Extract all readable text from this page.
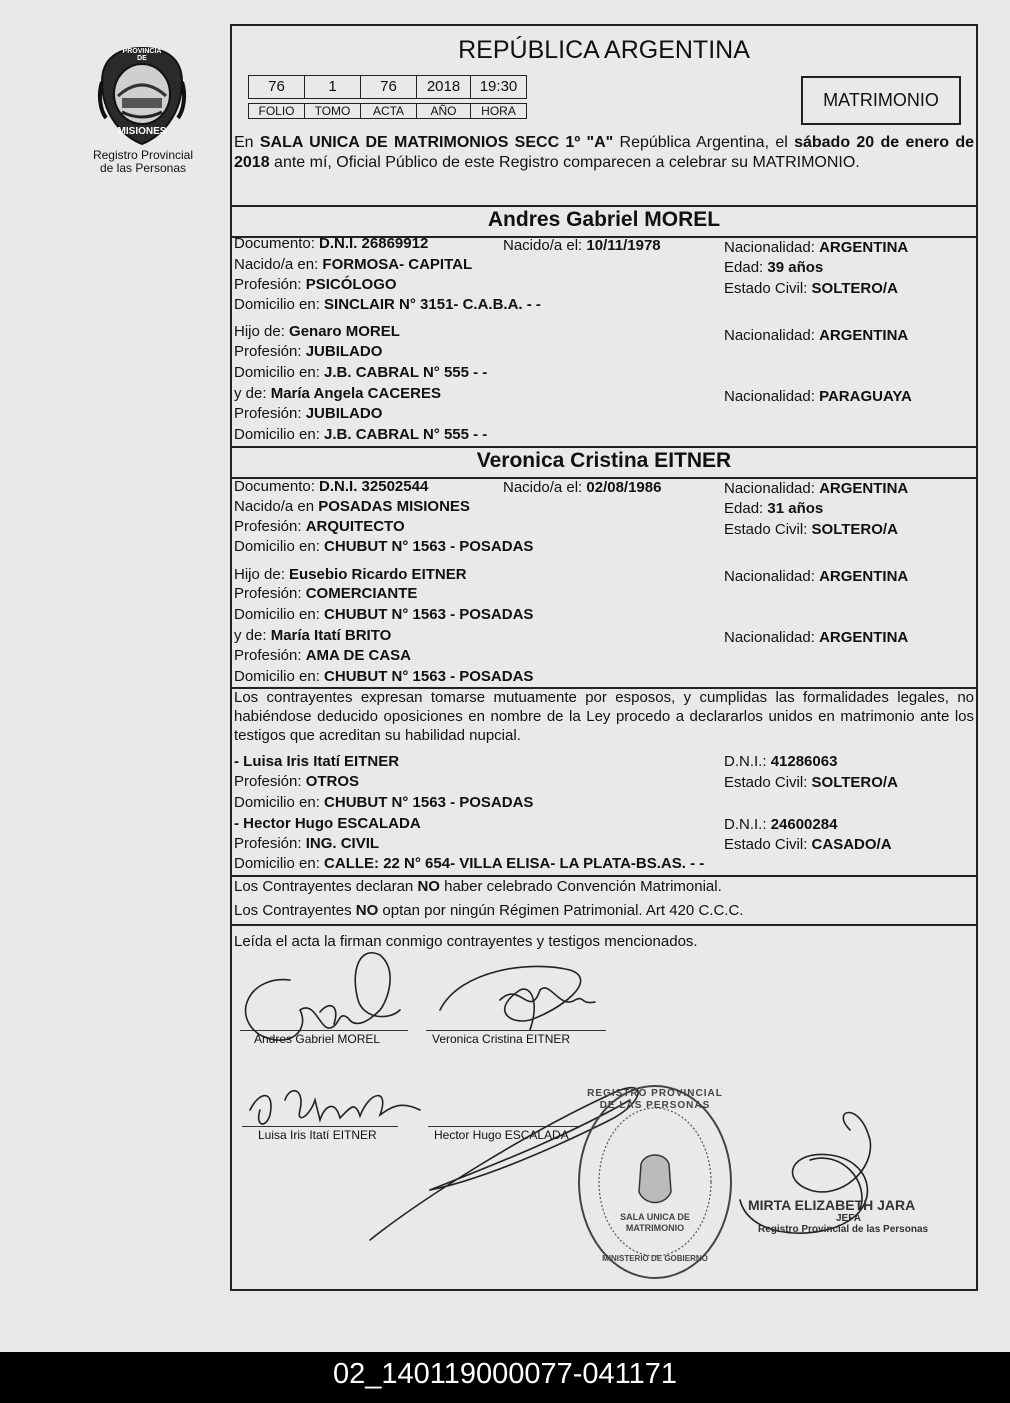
PROVINCIA DE
MISIONES
Registro Provincial
de las Personas
REPÚBLICA ARGENTINA
76	1	76	2018	19:30
FOLIO	TOMO	ACTA	AÑO	HORA
MATRIMONIO
En SALA UNICA DE MATRIMONIOS SECC 1º "A" República Argentina, el sábado 20 de enero de 2018 ante mí, Oficial Público de este Registro comparecen a celebrar su MATRIMONIO.
Andres Gabriel MOREL
Documento: D.N.I. 26869912	Nacido/a el: 10/11/1978	Nacionalidad: ARGENTINA
Nacido/a en: FORMOSA- CAPITAL	Edad: 39 años
Profesión: PSICÓLOGO	Estado Civil: SOLTERO/A
Domicilio en: SINCLAIR N° 3151- C.A.B.A. - -
Hijo de: Genaro MOREL	Nacionalidad: ARGENTINA
Profesión: JUBILADO
Domicilio en: J.B. CABRAL N° 555 - -
y de: María Angela CACERES	Nacionalidad: PARAGUAYA
Profesión: JUBILADO
Domicilio en: J.B. CABRAL N° 555 - -
Veronica Cristina EITNER
Documento: D.N.I. 32502544	Nacido/a el: 02/08/1986	Nacionalidad: ARGENTINA
Nacido/a en POSADAS MISIONES	Edad: 31 años
Profesión: ARQUITECTO	Estado Civil: SOLTERO/A
Domicilio en: CHUBUT N° 1563 - POSADAS
Hijo de: Eusebio Ricardo EITNER	Nacionalidad: ARGENTINA
Profesión: COMERCIANTE
Domicilio en: CHUBUT N° 1563 - POSADAS
y de: María Itatí BRITO	Nacionalidad: ARGENTINA
Profesión: AMA DE CASA
Domicilio en: CHUBUT N° 1563 - POSADAS
Los contrayentes expresan tomarse mutuamente por esposos, y cumplidas las formalidades legales, no habiéndose deducido oposiciones en nombre de la Ley procedo a declararlos unidos en matrimonio ante los testigos que acreditan su habilidad nupcial.
- Luisa Iris Itatí EITNER	D.N.I.: 41286063
Profesión: OTROS	Estado Civil: SOLTERO/A
Domicilio en: CHUBUT N° 1563 - POSADAS
- Hector Hugo ESCALADA	D.N.I.: 24600284
Profesión: ING. CIVIL	Estado Civil: CASADO/A
Domicilio en: CALLE: 22 N° 654- VILLA ELISA- LA PLATA-BS.AS. - -
Los Contrayentes declaran NO haber celebrado Convención Matrimonial.
Los Contrayentes NO optan por ningún Régimen Patrimonial. Art 420 C.C.C.
Leída el acta la firman conmigo contrayentes y testigos mencionados.
Andres Gabriel MOREL	Veronica Cristina EITNER
Luisa Iris Itatí EITNER	Hector Hugo ESCALADA
REGISTRO PROVINCIAL DE LAS PERSONAS
SALA UNICA DE MATRIMONIO
MINISTERIO DE GOBIERNO
MIRTA ELIZABETH JARA
JEFA
Registro Provincial de las Personas
02_140119000077-041171
